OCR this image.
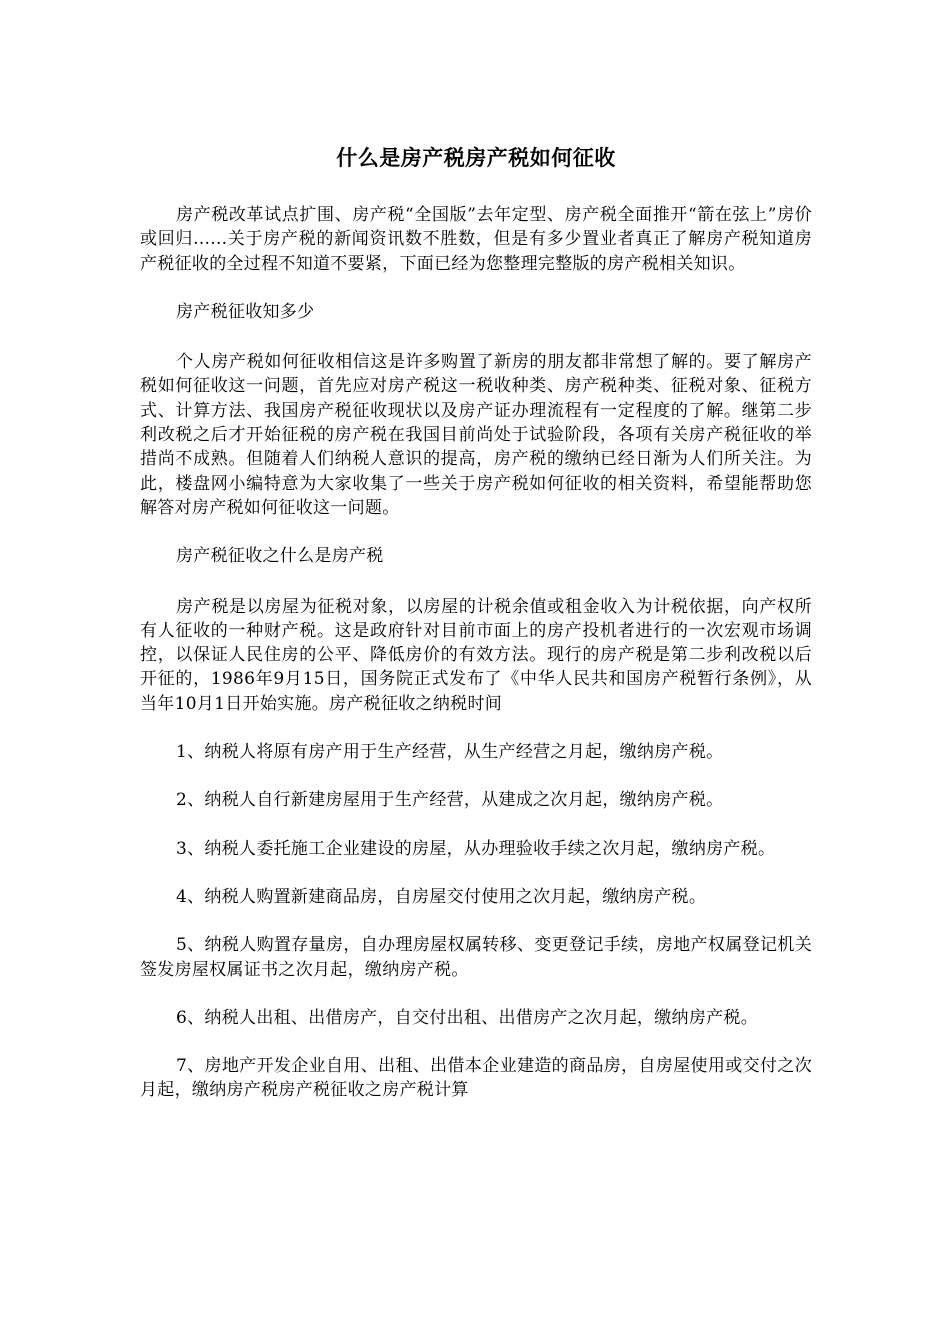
什么是房产税房产税如何征收

房产税改革试点扩围、房产税“全国版”去年定型、房产税全面推开“箭在弦上”房价或回归......关于房产税的新闻资讯数不胜数，但是有多少置业者真正了解房产税知道房产税征收的全过程不知道不要紧，下面已经为您整理完整版的房产税相关知识。

房产税征收知多少

个人房产税如何征收相信这是许多购置了新房的朋友都非常想了解的。要了解房产税如何征收这一问题，首先应对房产税这一税收种类、房产税种类、征税对象、征税方式、计算方法、我国房产税征收现状以及房产证办理流程有一定程度的了解。继第二步利改税之后才开始征税的房产税在我国目前尚处于试验阶段，各项有关房产税征收的举措尚不成熟。但随着人们纳税人意识的提高，房产税的缴纳已经日渐为人们所关注。为此，楼盘网小编特意为大家收集了一些关于房产税如何征收的相关资料，希望能帮助您解答对房产税如何征收这一问题。

房产税征收之什么是房产税

房产税是以房屋为征税对象，以房屋的计税余值或租金收入为计税依据，向产权所有人征收的一种财产税。这是政府针对目前市面上的房产投机者进行的一次宏观市场调控，以保证人民住房的公平、降低房价的有效方法。现行的房产税是第二步利改税以后开征的，1986年9月15日，国务院正式发布了《中华人民共和国房产税暂行条例》，从当年10月1日开始实施。房产税征收之纳税时间

1、纳税人将原有房产用于生产经营，从生产经营之月起，缴纳房产税。

2、纳税人自行新建房屋用于生产经营，从建成之次月起，缴纳房产税。

3、纳税人委托施工企业建设的房屋，从办理验收手续之次月起，缴纳房产税。

4、纳税人购置新建商品房，自房屋交付使用之次月起，缴纳房产税。

5、纳税人购置存量房，自办理房屋权属转移、变更登记手续，房地产权属登记机关签发房屋权属证书之次月起，缴纳房产税。

6、纳税人出租、出借房产，自交付出租、出借房产之次月起，缴纳房产税。

7、房地产开发企业自用、出租、出借本企业建造的商品房，自房屋使用或交付之次月起，缴纳房产税房产税征收之房产税计算
